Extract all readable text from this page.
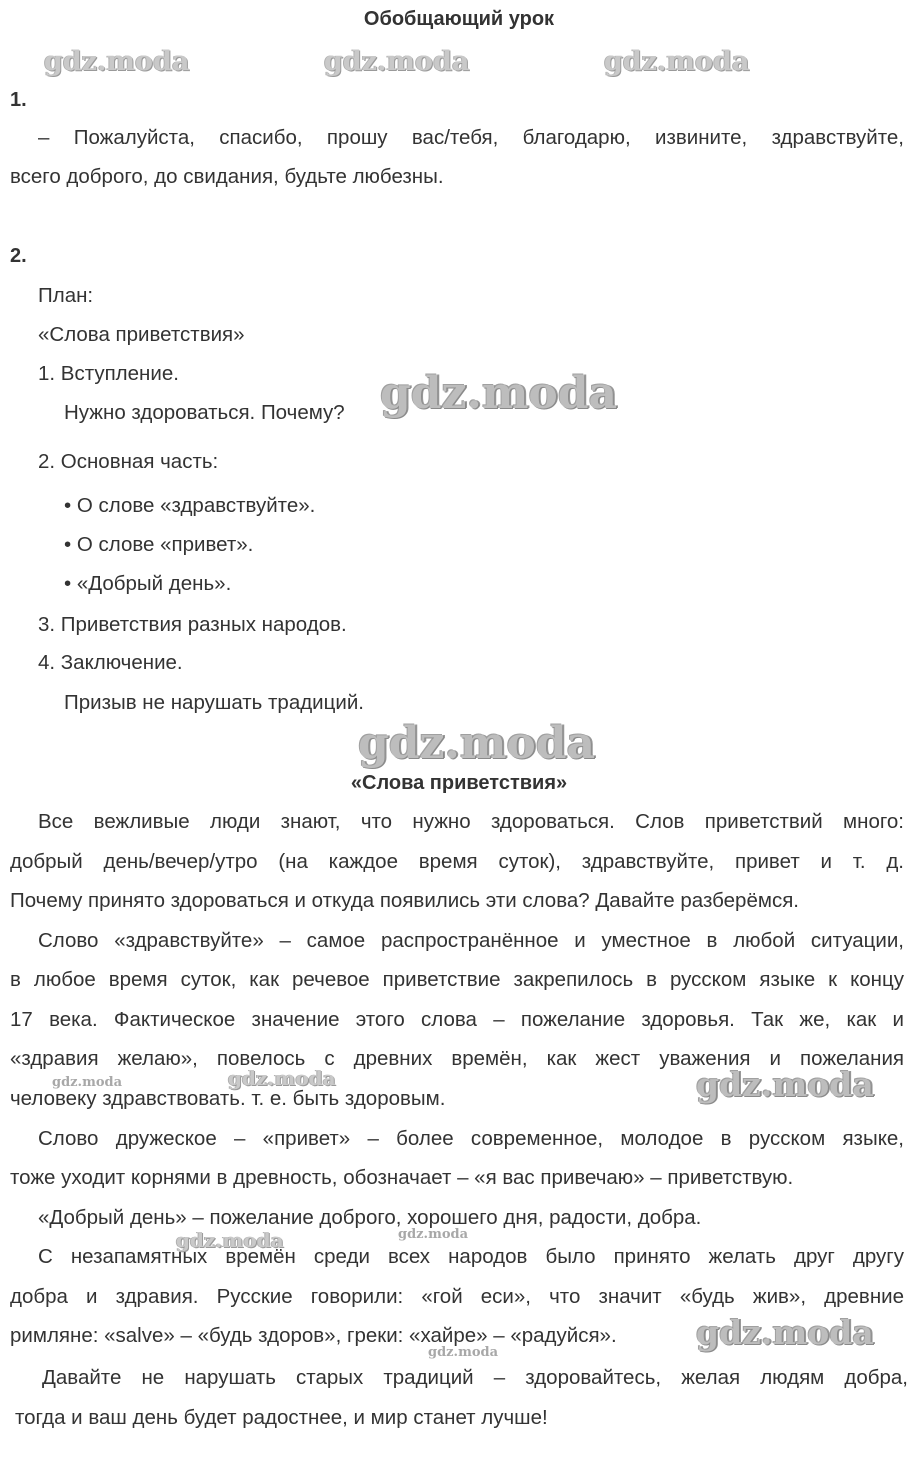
Обобщающий урок
gdz.moda	gdz.moda	gdz.moda
1.
– Пожалуйста, спасибо, прошу вас/тебя, благодарю, извините, здравствуйте,
всего доброго, до свидания, будьте любезны.
2.
План:
«Слова приветствия»
1. Вступление.
Нужно здороваться. Почему?
2. Основная часть:
• О слове «здравствуйте».
• О слове «привет».
• «Добрый день».
3. Приветствия разных народов.
4. Заключение.
Призыв не нарушать традиций.
gdz.moda
gdz.moda
«Слова приветствия»
Все вежливые люди знают, что нужно здороваться. Слов приветствий много:
добрый день/вечер/утро (на каждое время суток), здравствуйте, привет и т. д.
Почему принято здороваться и откуда появились эти слова? Давайте разберёмся.
Слово «здравствуйте» – самое распространённое и уместное в любой ситуации,
в любое время суток, как речевое приветствие закрепилось в русском языке к концу
17 века. Фактическое значение этого слова – пожелание здоровья. Так же, как и
«здравия желаю», повелось с древних времён, как жест уважения и пожелания
человеку здравствовать. т. е. быть здоровым.
Слово дружеское – «привет» – более современное, молодое в русском языке,
тоже уходит корнями в древность, обозначает – «я вас привечаю» – приветствую.
«Добрый день» – пожелание доброго, хорошего дня, радости, добра.
С незапамятных времён среди всех народов было принято желать друг другу
добра и здравия. Русские говорили: «гой еси», что значит «будь жив», древние
римляне: «salve» – «будь здоров», греки: «хайре» – «радуйся».
Давайте не нарушать старых традиций – здоровайтесь, желая людям добра,
тогда и ваш день будет радостнее, и мир станет лучше!
gdz.moda	gdz.moda	gdz.moda
gdz.moda	gdz.moda
gdz.moda
gdz.moda
